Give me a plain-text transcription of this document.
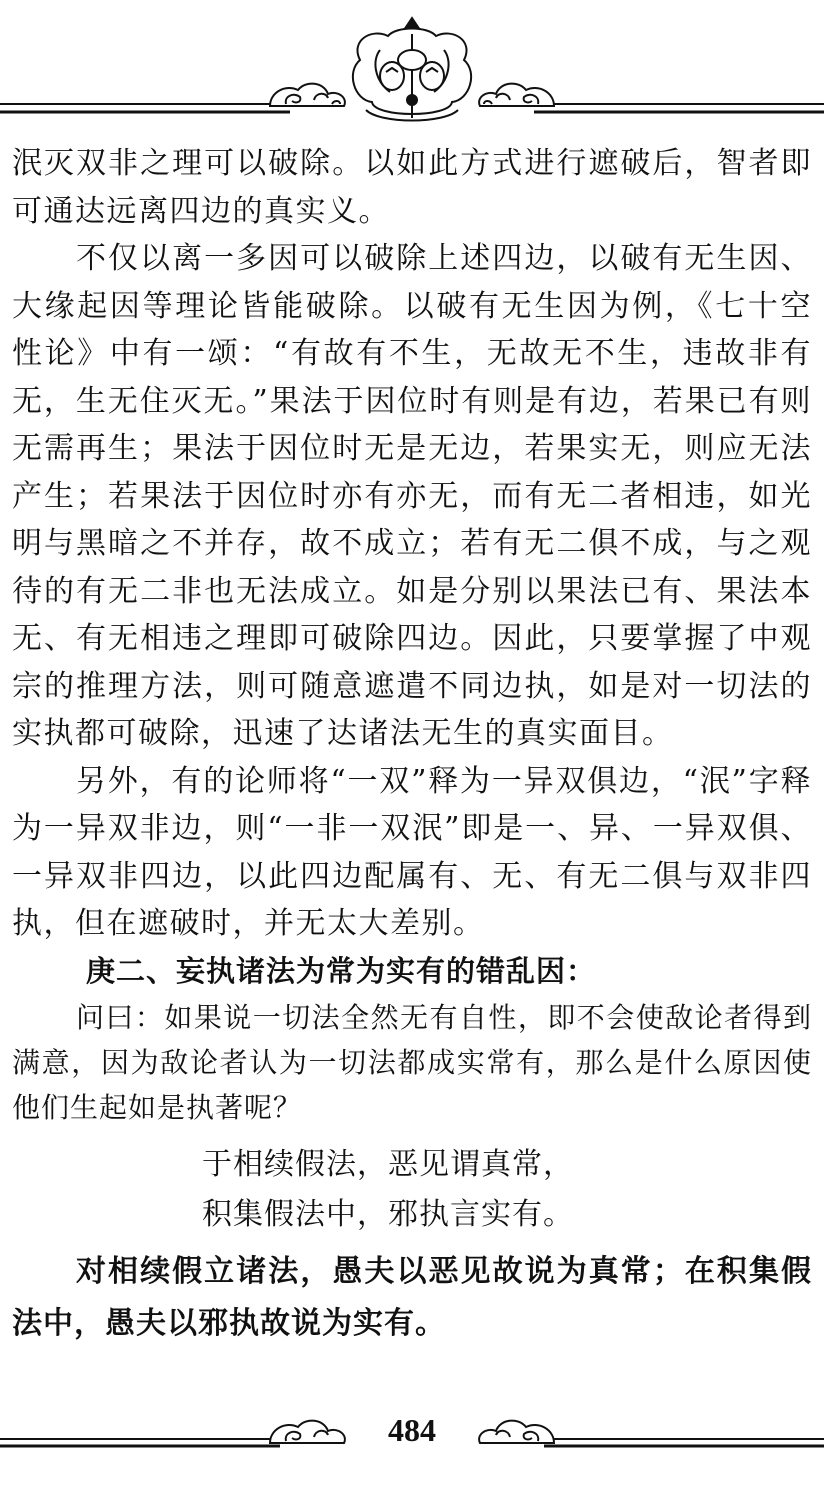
泯灭双非之理可以破除。以如此方式进行遮破后，智者即可通达远离四边的真实义。

不仅以离一多因可以破除上述四边，以破有无生因、大缘起因等理论皆能破除。以破有无生因为例，《七十空性论》中有一颂：“有故有不生，无故无不生，违故非有无，生无住灭无。”果法于因位时有则是有边，若果已有则无需再生；果法于因位时无是无边，若果实无，则应无法产生；若果法于因位时亦有亦无，而有无二者相违，如光明与黑暗之不并存，故不成立；若有无二俱不成，与之观待的有无二非也无法成立。如是分别以果法已有、果法本无、有无相违之理即可破除四边。因此，只要掌握了中观宗的推理方法，则可随意遮遣不同边执，如是对一切法的实执都可破除，迅速了达诸法无生的真实面目。

另外，有的论师将“一双”释为一异双俱边，“泯”字释为一异双非边，则“一非一双泯”即是一、异、一异双俱、一异双非四边，以此四边配属有、无、有无二俱与双非四执，但在遮破时，并无太大差别。

庚二、妄执诸法为常为实有的错乱因：

问曰：如果说一切法全然无有自性，即不会使敌论者得到满意，因为敌论者认为一切法都成实常有，那么是什么原因使他们生起如是执著呢？

于相续假法，恶见谓真常，

积集假法中，邪执言实有。

对相续假立诸法，愚夫以恶见故说为真常；在积集假法中，愚夫以邪执故说为实有。

484
